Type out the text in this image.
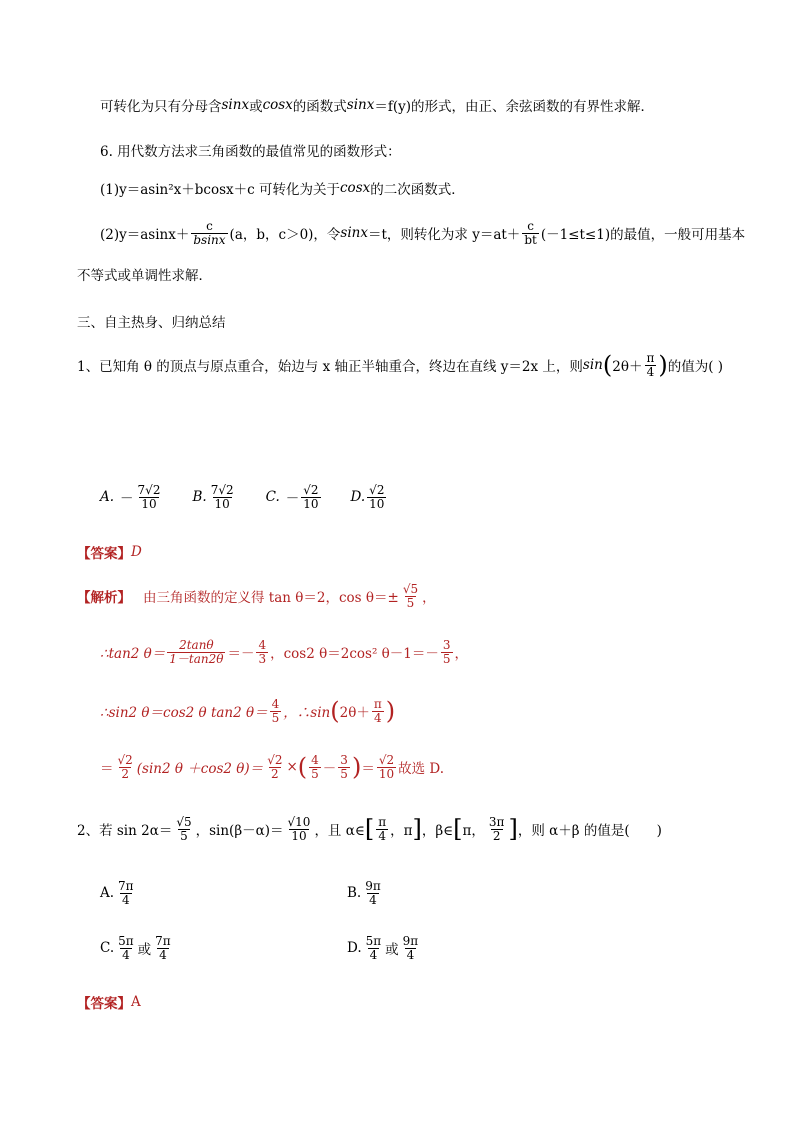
可转化为只有分母含 sinx 或 cosx 的函数式 sinx ＝f(y)的形式，由正、余弦函数的有界性求解．
6. 用代数方法求三角函数的最值常见的函数形式：
(1)y＝asin²x＋bcosx＋c 可转化为关于 cosx 的二次函数式．
$(2)y=asinx+ \frac{c}{bsinx} (a$，b，c＞0)，令 sinx ＝t，则转化为求 $y=at+ \frac{c}{bt} (-1\le t\le 1)$的最值，一般可用基本
不等式或单调性求解．
三、自主热身、归纳总结
1、已知角 θ 的顶点与原点重合，始边与 x 轴正半轴重合，终边在直线 y＝2x 上，则 sin ( $2\theta+ \frac{\pi}{4}$ ) 的值为( )
A. － $\frac{7√2}{10} B$. $\frac{7√2}{10} C$. － $\frac{√2}{10} D$. $\frac{√2}{10}$
【答案】 D
【解析】 由三角函数的定义得 tan θ＝2，$\cos \theta=\pm \frac{√5}{5}$ ，
∴tan2 $\theta= \frac{2\tan\theta}{1-\tan 2\theta} =- \frac{4}{3}$ ，cos2 θ＝2cos² $\theta-1=- \frac{3}{5}$ ，
∴sin2 θ＝cos2 θ tan2 $\theta= \frac{4}{5}$ ，∴sin ( $2\theta+ \frac{\pi}{4}$ )
＝ $\frac{√2}{2} (\sin 2$ θ ＋cos2 $\theta)= \frac{√2}{2}$ × ( $\frac{4}{5} - \frac{3}{5}$ ) ＝ $\frac{√2}{10}$ 故选 D.
2、若 $\sin 2\alpha= \frac{√5}{5}$ ，$\sin(\beta-\alpha)= \frac{√10}{10}$ ，且 α∈ [ $\frac{\pi}{4}$ ，π ] ，β∈ [ π， $\frac{3\pi}{2}$ ] ，则 α＋β 的值是(　　)
A. $\frac{7\pi}{4}$	B. $\frac{9\pi}{4}$
C. $\frac{5\pi}{4}$ 或 $\frac{7\pi}{4}$	D. $\frac{5\pi}{4}$ 或 $\frac{9\pi}{4}$
【答案】 A
